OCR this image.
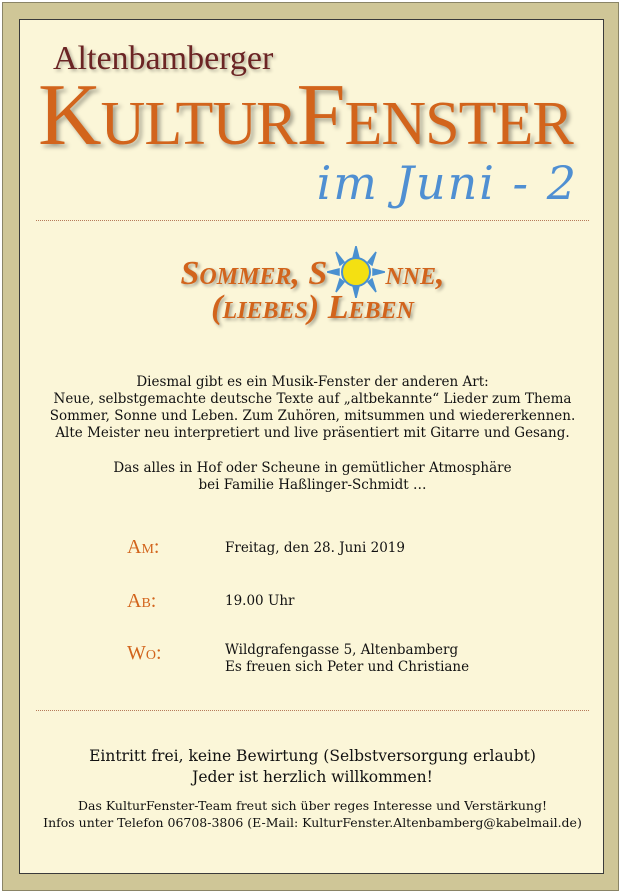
Altenbamberger
KulturFenster
im Juni - 2
Sommer, S nne,
(liebes) Leben
Diesmal gibt es ein Musik-Fenster der anderen Art:
Neue, selbstgemachte deutsche Texte auf „altbekannte“ Lieder zum Thema
Sommer, Sonne und Leben. Zum Zuhören, mitsummen und wiedererkennen.
Alte Meister neu interpretiert und live präsentiert mit Gitarre und Gesang.
Das alles in Hof oder Scheune in gemütlicher Atmosphäre
bei Familie Haßlinger-Schmidt …
Am:	Freitag, den 28. Juni 2019
Ab:	19.00 Uhr
Wo:	Wildgrafengasse 5, Altenbamberg
Es freuen sich Peter und Christiane
Eintritt frei, keine Bewirtung (Selbstversorgung erlaubt)
Jeder ist herzlich willkommen!
Das KulturFenster-Team freut sich über reges Interesse und Verstärkung!
Infos unter Telefon 06708-3806 (E-Mail: KulturFenster.Altenbamberg@kabelmail.de)
